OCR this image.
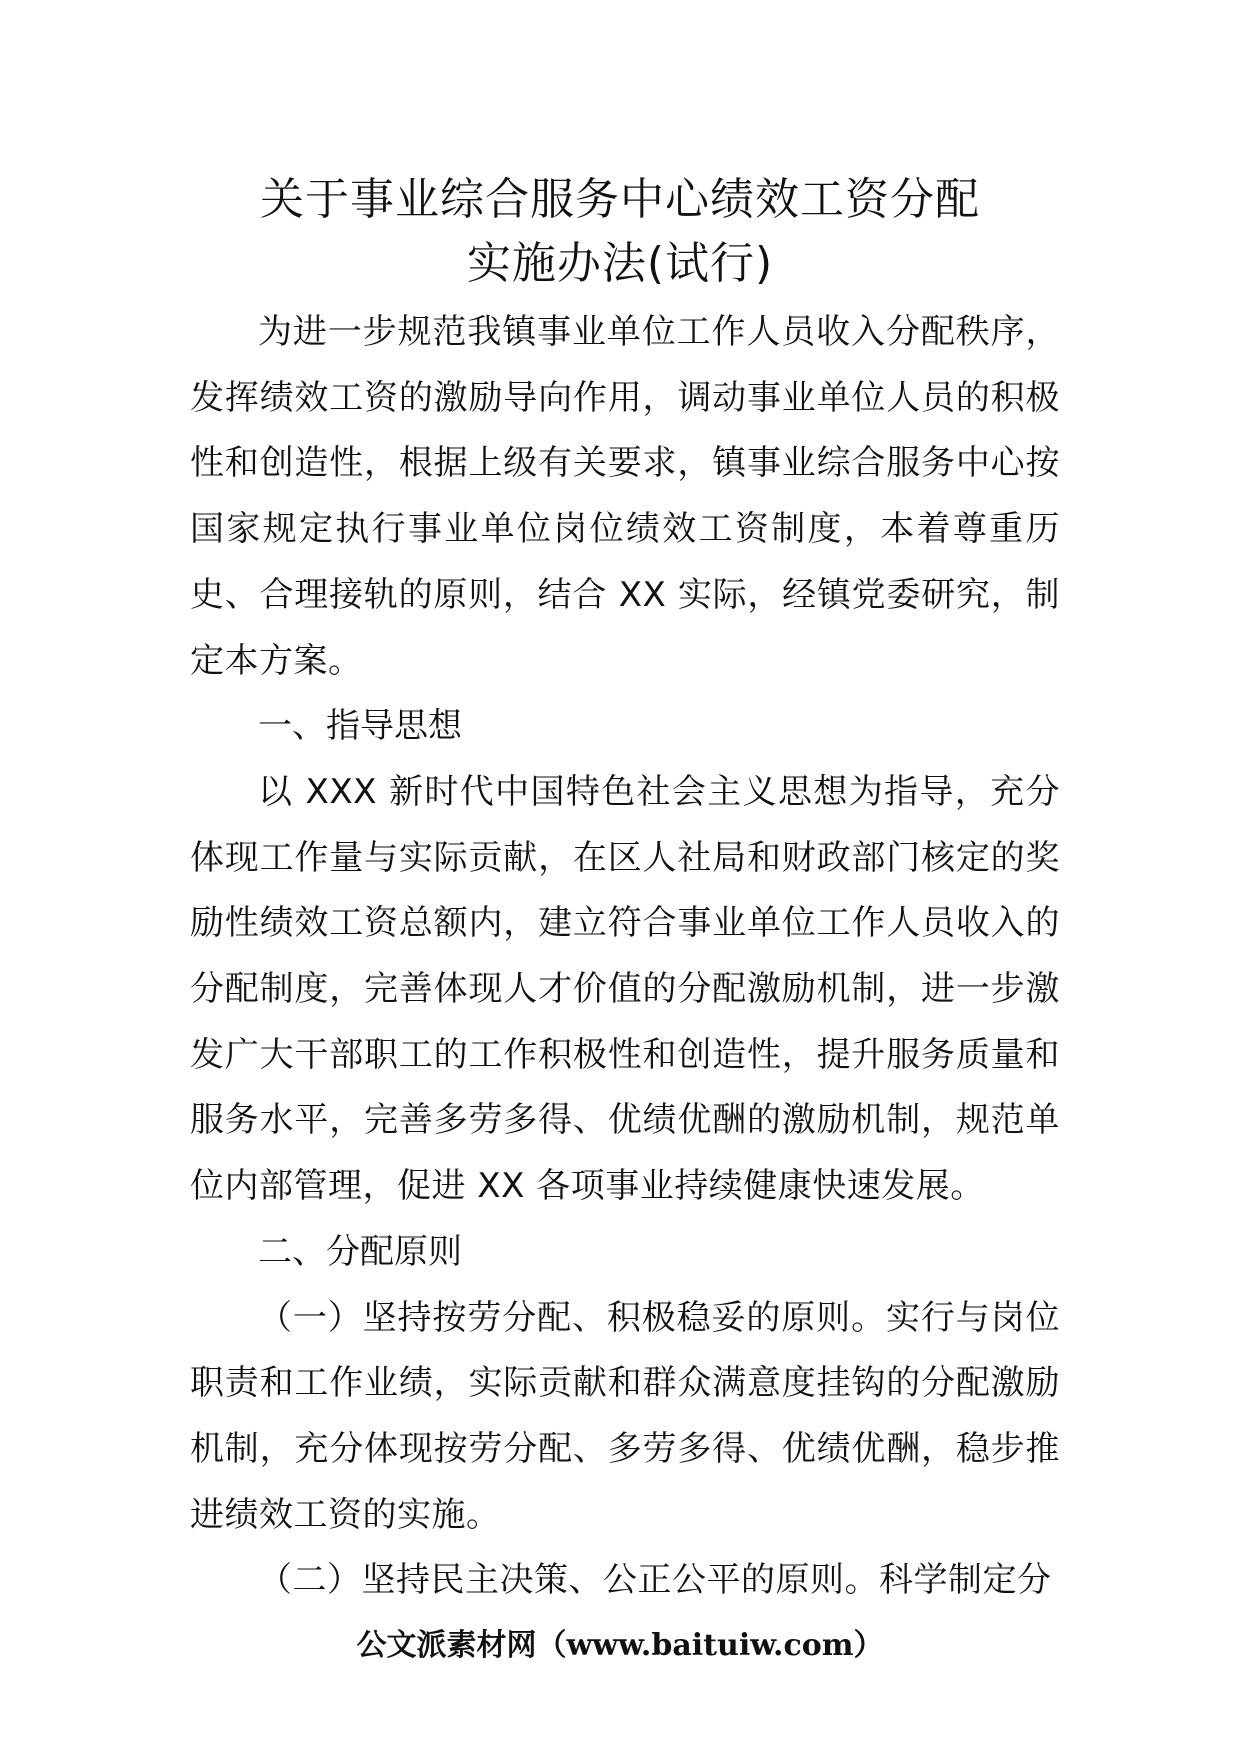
关于事业综合服务中心绩效工资分配
实施办法(试行)

为进一步规范我镇事业单位工作人员收入分配秩序，发挥绩效工资的激励导向作用，调动事业单位人员的积极性和创造性，根据上级有关要求，镇事业综合服务中心按国家规定执行事业单位岗位绩效工资制度，本着尊重历史、合理接轨的原则，结合 XX 实际，经镇党委研究，制定本方案。

一、指导思想

以 XXX 新时代中国特色社会主义思想为指导，充分体现工作量与实际贡献，在区人社局和财政部门核定的奖励性绩效工资总额内，建立符合事业单位工作人员收入的分配制度，完善体现人才价值的分配激励机制，进一步激发广大干部职工的工作积极性和创造性，提升服务质量和服务水平，完善多劳多得、优绩优酬的激励机制，规范单位内部管理，促进 XX 各项事业持续健康快速发展。

二、分配原则

（一）坚持按劳分配、积极稳妥的原则。实行与岗位职责和工作业绩，实际贡献和群众满意度挂钩的分配激励机制，充分体现按劳分配、多劳多得、优绩优酬，稳步推进绩效工资的实施。

（二）坚持民主决策、公正公平的原则。科学制定分

公文派素材网（www.baituiw.com）
